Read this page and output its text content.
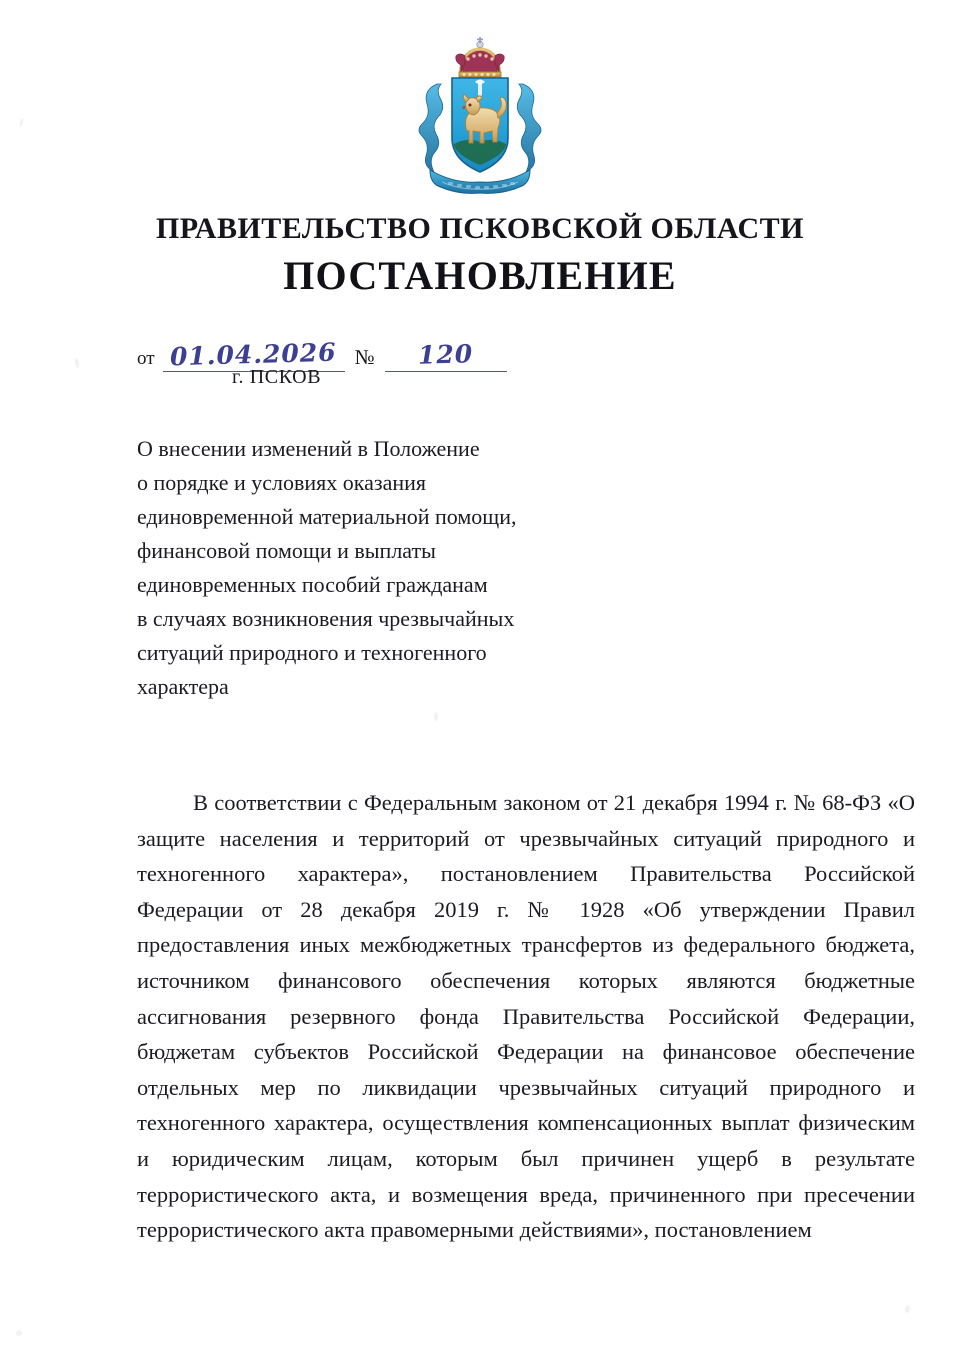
ПРАВИТЕЛЬСТВО ПСКОВСКОЙ ОБЛАСТИ
ПОСТАНОВЛЕНИЕ
от 01.04.2026 №	120
г. ПСКОВ

О внесении изменений в Положение

о порядке и условиях оказания

единовременной материальной помощи,

финансовой помощи и выплаты

единовременных пособий гражданам

в случаях возникновения чрезвычайных

ситуаций природного и техногенного

характера

В соответствии с Федеральным законом от 21 декабря 1994 г. № 68-ФЗ «О защите населения и территорий от чрезвычайных ситуаций природного и техногенного характера», постановлением Правительства Российской Федерации от 28 декабря 2019 г. № 1928 «Об утверждении Правил предоставления иных межбюджетных трансфертов из федерального бюджета, источником финансового обеспечения которых являются бюджетные ассигнования резервного фонда Правительства Российской Федерации, бюджетам субъектов Российской Федерации на финансовое обеспечение отдельных мер по ликвидации чрезвычайных ситуаций природного и техногенного характера, осуществления компенсационных выплат физическим и юридическим лицам, которым был причинен ущерб в результате террористического акта, и возмещения вреда, причиненного при пресечении террористического акта правомерными действиями», постановлением
